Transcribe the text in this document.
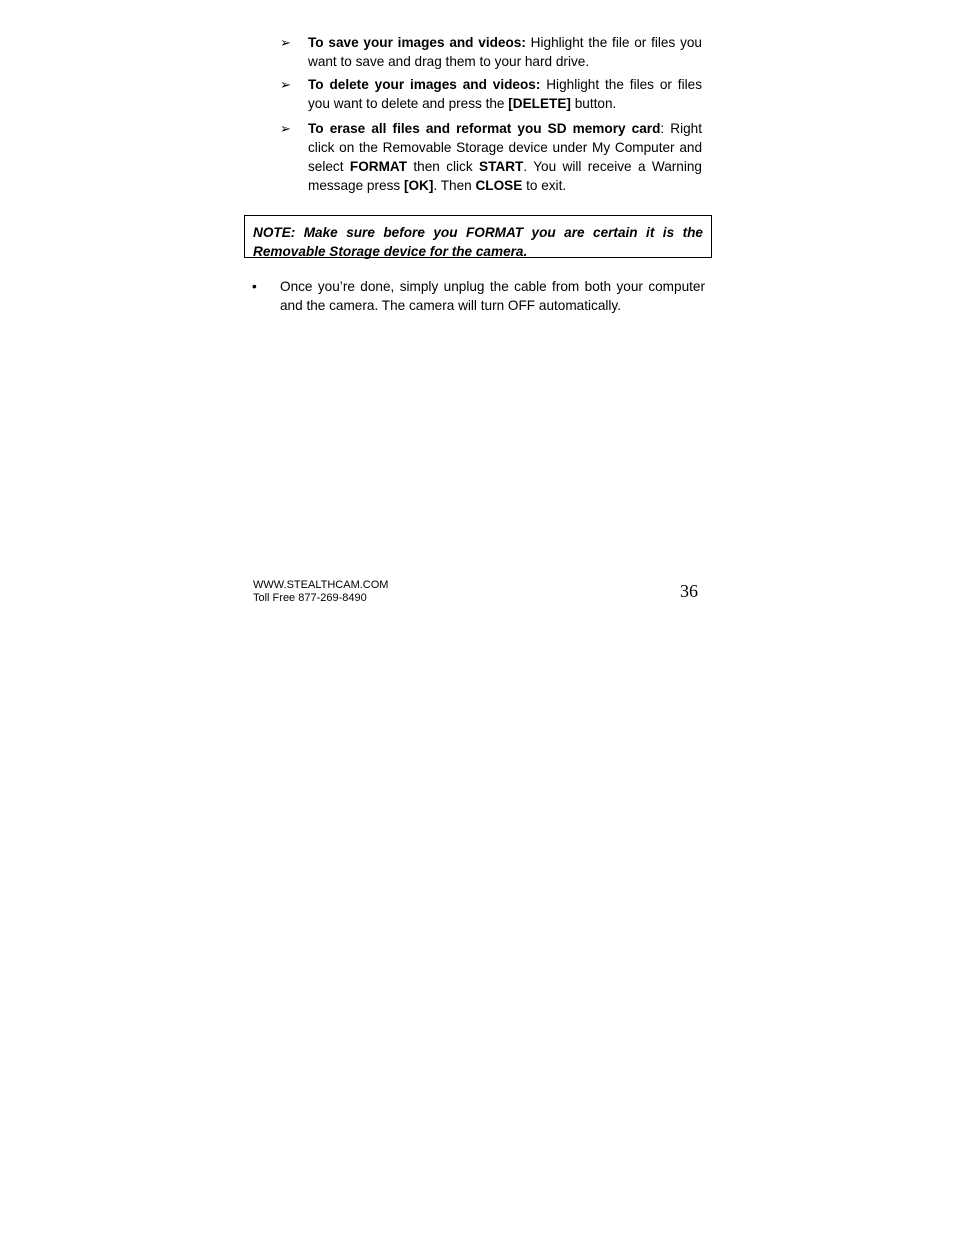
➢ To save your images and videos: Highlight the file or files you want to save and drag them to your hard drive.
➢ To delete your images and videos: Highlight the files or files you want to delete and press the [DELETE] button.
➢ To erase all files and reformat you SD memory card: Right click on the Removable Storage device under My Computer and select FORMAT then click START. You will receive a Warning message press [OK]. Then CLOSE to exit.
NOTE: Make sure before you FORMAT you are certain it is the Removable Storage device for the camera.
• Once you’re done, simply unplug the cable from both your computer and the camera. The camera will turn OFF automatically.
WWW.STEALTHCAM.COM
Toll Free 877-269-8490	36
